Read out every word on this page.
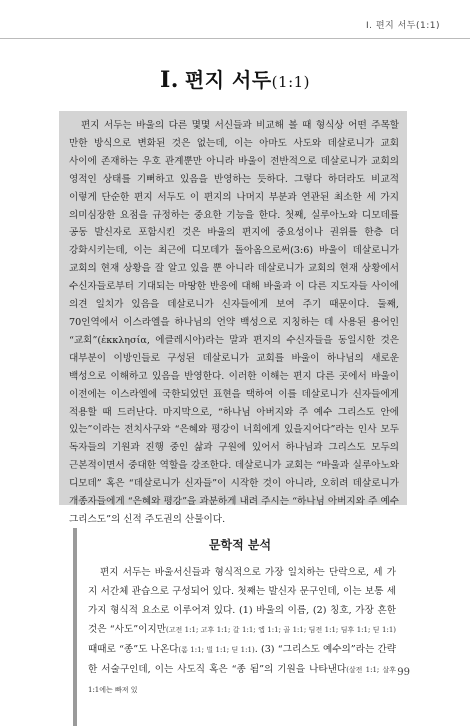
I. 편지 서두(1:1)
I. 편지 서두(1:1)

편지 서두는 바울의 다른 몇몇 서신들과 비교해 볼 때 형식상 어떤 주목할 만한 방식으로 변화된 것은 없는데, 이는 아마도 사도와 데살로니가 교회 사이에 존재하는 우호 관계뿐만 아니라 바울이 전반적으로 데살로니가 교회의 영적인 상태를 기뻐하고 있음을 반영하는 듯하다. 그렇다 하더라도 비교적 이렇게 단순한 편지 서두도 이 편지의 나머지 부분과 연관된 최소한 세 가지 의미심장한 요점을 규정하는 중요한 기능을 한다. 첫째, 실루아노와 디모데를 공동 발신자로 포함시킨 것은 바울의 편지에 중요성이나 권위를 한층 더 강화시키는데, 이는 최근에 디모데가 돌아옴으로써(3:6) 바울이 데살로니가 교회의 현재 상황을 잘 알고 있을 뿐 아니라 데살로니가 교회의 현재 상황에서 수신자들로부터 기대되는 마땅한 반응에 대해 바울과 이 다른 지도자들 사이에 의견 일치가 있음을 데살로니가 신자들에게 보여 주기 때문이다. 둘째, 70인역에서 이스라엘을 하나님의 언약 백성으로 지칭하는 데 사용된 용어인 “교회”(ἐκκλησία, 에클레시아)라는 말과 편지의 수신자들을 동일시한 것은 대부분이 이방인들로 구성된 데살로니가 교회를 바울이 하나님의 새로운 백성으로 이해하고 있음을 반영한다. 이러한 이해는 편지 다른 곳에서 바울이 이전에는 이스라엘에 국한되었던 표현을 택하여 이를 데살로니가 신자들에게 적용할 때 드러난다. 마지막으로, “하나님 아버지와 주 예수 그리스도 안에 있는”이라는 전치사구와 “은혜와 평강이 너희에게 있을지어다”라는 인사 모두 독자들의 기원과 진행 중인 삶과 구원에 있어서 하나님과 그리스도 모두의 근본적이면서 중대한 역할을 강조한다. 데살로니가 교회는 “바울과 실루아노와 디모데” 혹은 “데살로니가 신자들”이 시작한 것이 아니라, 오히려 데살로니가 개종자들에게 “은혜와 평강”을 과분하게 내려 주시는 “하나님 아버지와 주 예수 그리스도”의 신적 주도권의 산물이다.

문학적 분석

편지 서두는 바울서신들과 형식적으로 가장 일치하는 단락으로, 세 가지 서간체 관습으로 구성되어 있다. 첫째는 발신자 문구인데, 이는 보통 세 가지 형식적 요소로 이루어져 있다. (1) 바울의 이름, (2) 칭호, 가장 흔한 것은 “사도”이지만(고전 1:1; 고후 1:1; 갈 1:1; 엡 1:1; 골 1:1; 딤전 1:1; 딤후 1:1; 딛 1:1) 때때로 “종”도 나온다(롬 1:1; 빌 1:1; 딛 1:1). (3) “그리스도 예수의”라는 간략한 서술구인데, 이는 사도직 혹은 “종 됨”의 기원을 나타낸다(살전 1:1; 살후 1:1에는 빠져 있

99
